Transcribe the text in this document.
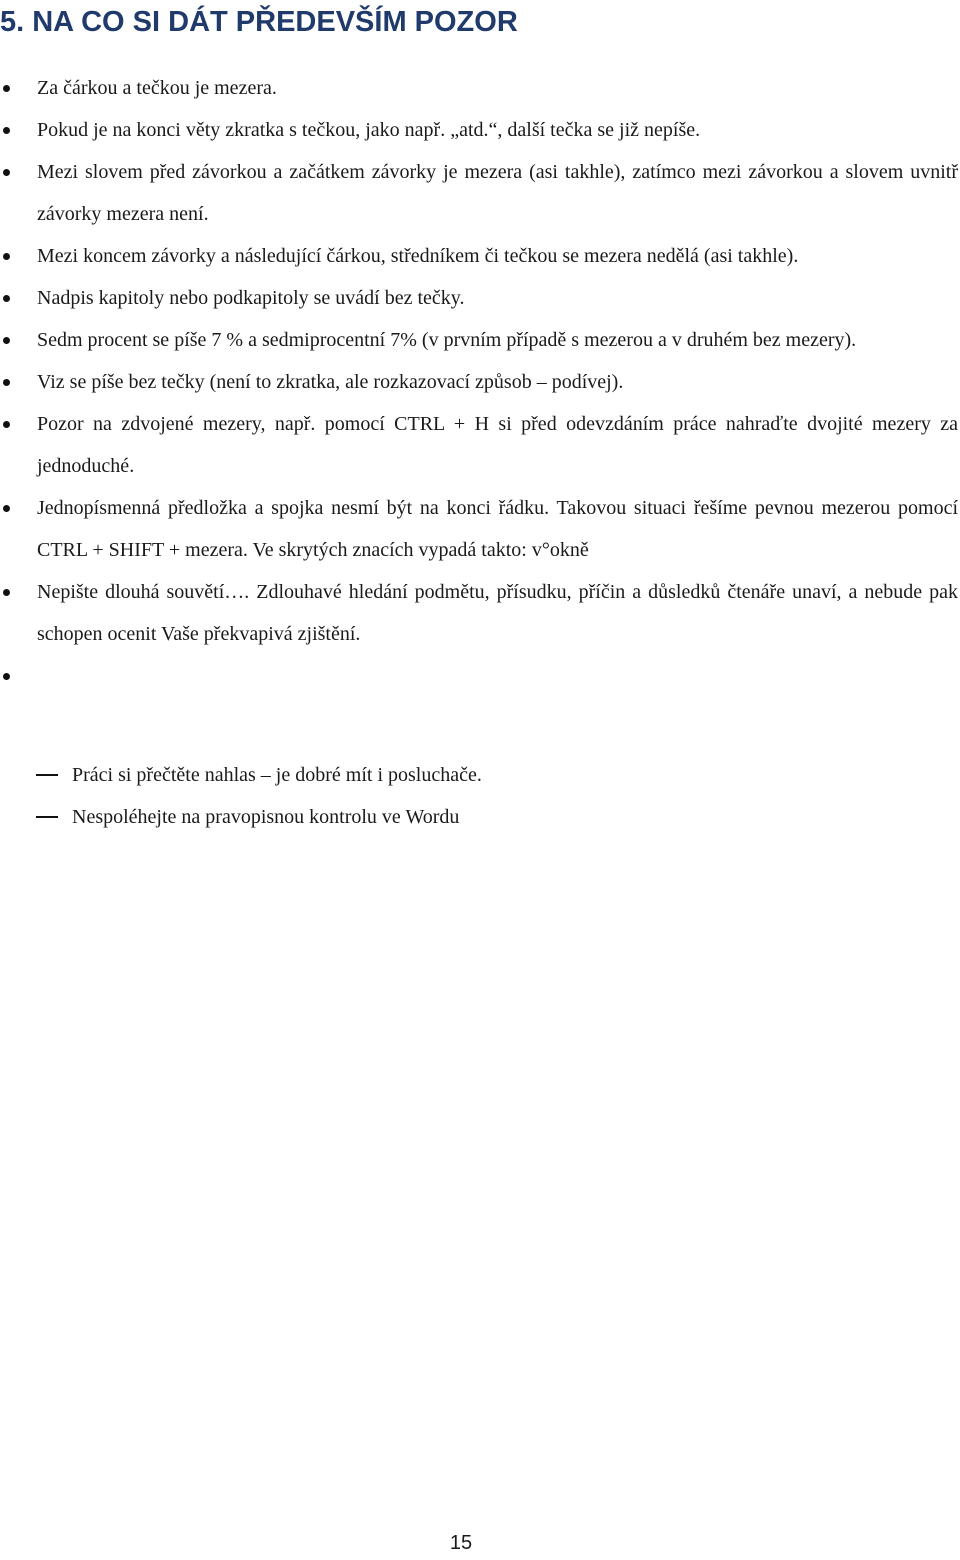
5. NA CO SI DÁT PŘEDEVŠÍM POZOR
Za čárkou a tečkou je mezera.
Pokud je na konci věty zkratka s tečkou, jako např. „atd.“, další tečka se již nepíše.
Mezi slovem před závorkou a začátkem závorky je mezera (asi takhle), zatímco mezi závorkou a slovem uvnitř závorky mezera není.
Mezi koncem závorky a následující čárkou, středníkem či tečkou se mezera nedělá (asi takhle).
Nadpis kapitoly nebo podkapitoly se uvádí bez tečky.
Sedm procent se píše 7 % a sedmiprocentní 7% (v prvním případě s mezerou a v druhém bez mezery).
Viz se píše bez tečky (není to zkratka, ale rozkazovací způsob – podívej).
Pozor na zdvojené mezery, např. pomocí CTRL + H si před odevzdáním práce nahraďte dvojité mezery za jednoduché.
Jednopísmenná předložka a spojka nesmí být na konci řádku. Takovou situaci řešíme pevnou mezerou pomocí CTRL + SHIFT + mezera. Ve skrytých znacích vypadá takto: v°okně
Nepište dlouhá souvětí…. Zdlouhavé hledání podmětu, přísudku, příčin a důsledků čtenáře unaví, a nebude pak schopen ocenit Vaše překvapivá zjištění.
Práci si přečtěte nahlas – je dobré mít i posluchače.
Nespoléhejte na pravopisnou kontrolu ve Wordu
15
